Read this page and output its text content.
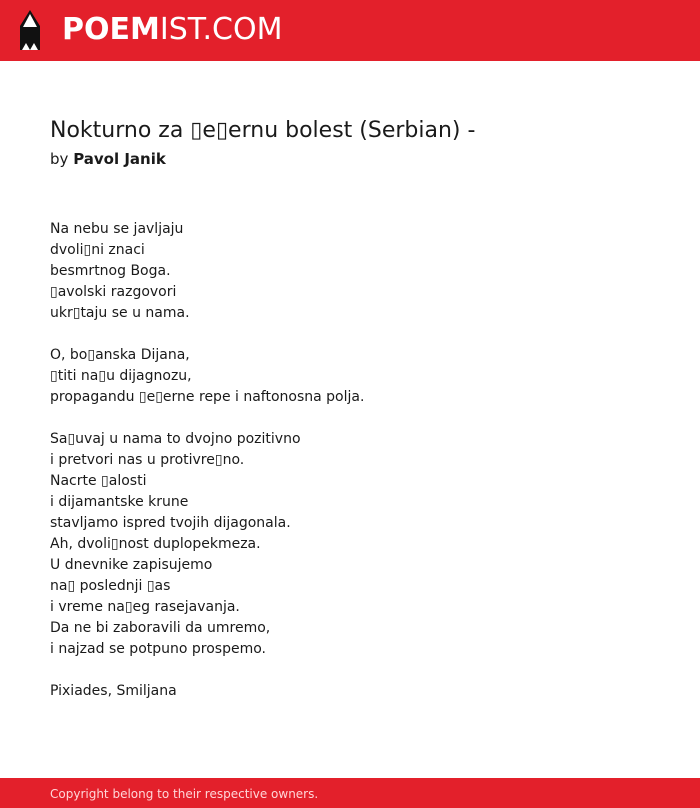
POEMIST.COM
Nokturno za ▯e▯ernu bolest (Serbian) -
by Pavol Janik
Na nebu se javljaju
dvoli▯ni znaci
besmrtnog Boga.
▯avolski razgovori
ukr▯taju se u nama.
O, bo▯anska Dijana,
▯titi na▯u dijagnozu,
propagandu ▯e▯erne repe i naftonosna polja.
Sa▯uvaj u nama to dvojno pozitivno
i pretvori nas u protivre▯no.
Nacrte ▯alosti
i dijamantske krune
stavljamo ispred tvojih dijagonala.
Ah, dvoli▯nost duplopekmeza.
U dnevnike zapisujemo
na▯ poslednji ▯as
i vreme na▯eg rasejavanja.
Da ne bi zaboravili da umremo,
i najzad se potpuno prospemo.
Pixiades, Smiljana
Copyright belong to their respective owners.
